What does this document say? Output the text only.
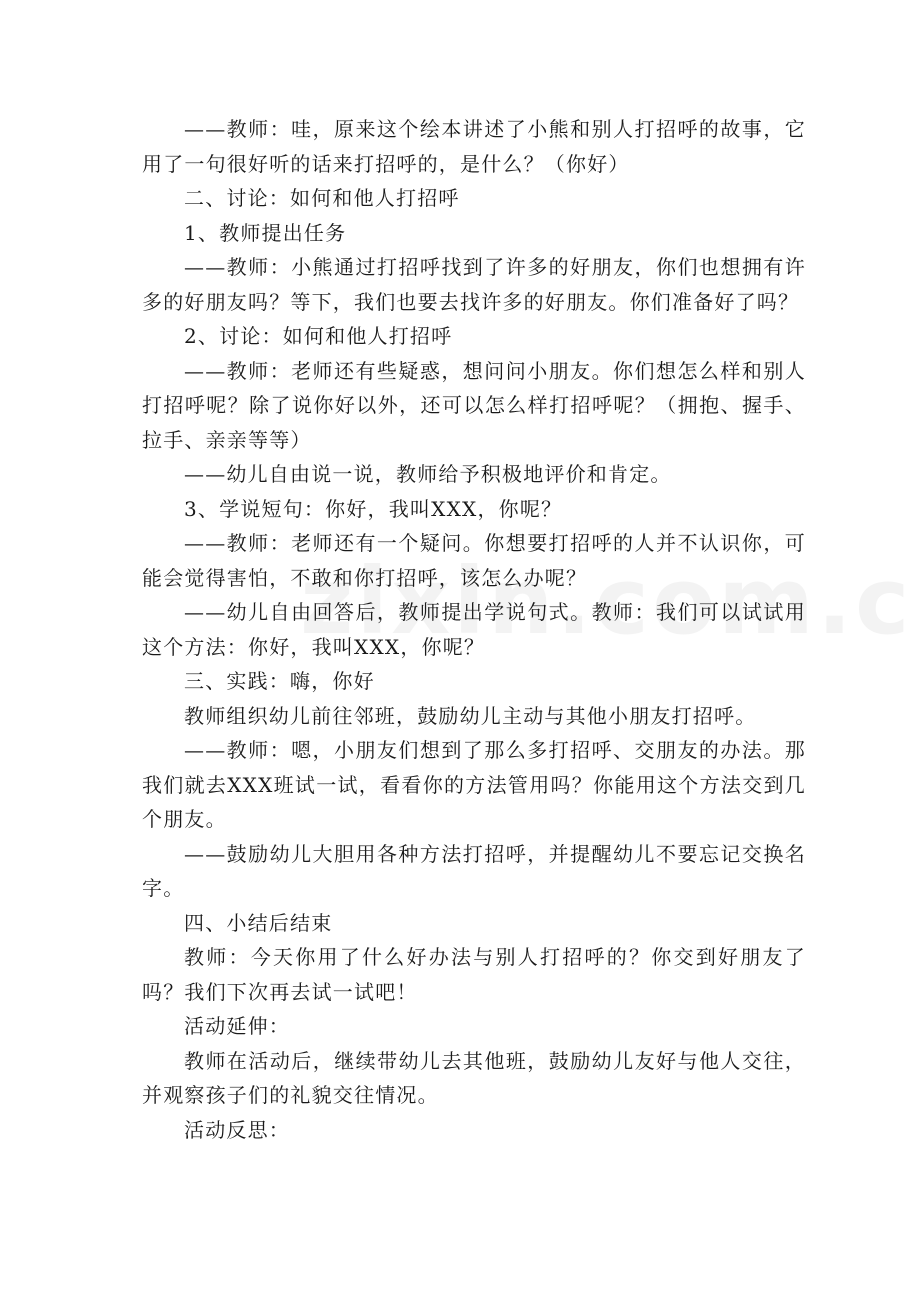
——教师：哇，原来这个绘本讲述了小熊和别人打招呼的故事，它用了一句很好听的话来打招呼的，是什么？（你好）

二、讨论：如何和他人打招呼

1、教师提出任务

——教师：小熊通过打招呼找到了许多的好朋友，你们也想拥有许多的好朋友吗？等下，我们也要去找许多的好朋友。你们准备好了吗？

2、讨论：如何和他人打招呼

——教师：老师还有些疑惑，想问问小朋友。你们想怎么样和别人打招呼呢？除了说你好以外，还可以怎么样打招呼呢？（拥抱、握手、拉手、亲亲等等）

——幼儿自由说一说，教师给予积极地评价和肯定。

3、学说短句：你好，我叫XXX，你呢？

——教师：老师还有一个疑问。你想要打招呼的人并不认识你，可能会觉得害怕，不敢和你打招呼，该怎么办呢？

——幼儿自由回答后，教师提出学说句式。教师：我们可以试试用这个方法：你好，我叫XXX，你呢？

三、实践：嗨，你好

教师组织幼儿前往邻班，鼓励幼儿主动与其他小朋友打招呼。

——教师：嗯，小朋友们想到了那么多打招呼、交朋友的办法。那我们就去XXX班试一试，看看你的方法管用吗？你能用这个方法交到几个朋友。

——鼓励幼儿大胆用各种方法打招呼，并提醒幼儿不要忘记交换名字。

四、小结后结束

教师：今天你用了什么好办法与别人打招呼的？你交到好朋友了吗？我们下次再去试一试吧！

活动延伸：

教师在活动后，继续带幼儿去其他班，鼓励幼儿友好与他人交往，并观察孩子们的礼貌交往情况。

活动反思：
